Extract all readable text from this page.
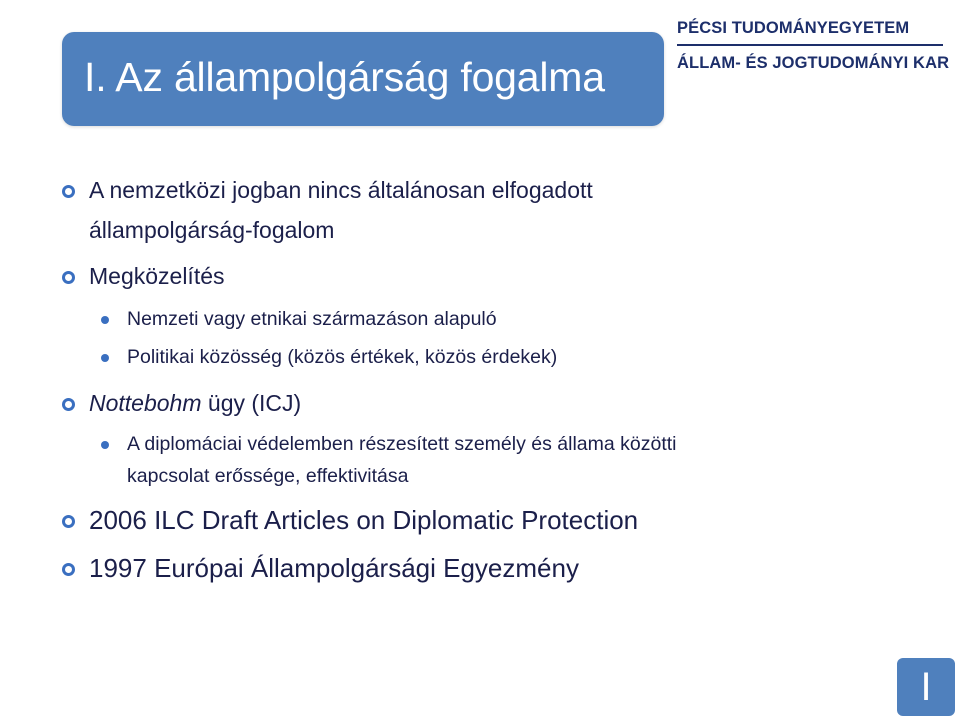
I. Az állampolgárság fogalma
PÉCSI TUDOMÁNYEGYETEM
ÁLLAM- ÉS JOGTUDOMÁNYI KAR
A nemzetközi jogban nincs általánosan elfogadott
állampolgárság-fogalom
Megközelítés
Nemzeti vagy etnikai származáson alapuló
Politikai közösség (közös értékek, közös érdekek)
Nottebohm ügy (ICJ)
A diplomáciai védelemben részesített személy és állama közötti
kapcsolat erőssége, effektivitása
2006 ILC Draft Articles on Diplomatic Protection
1997 Európai Állampolgársági Egyezmény
I
